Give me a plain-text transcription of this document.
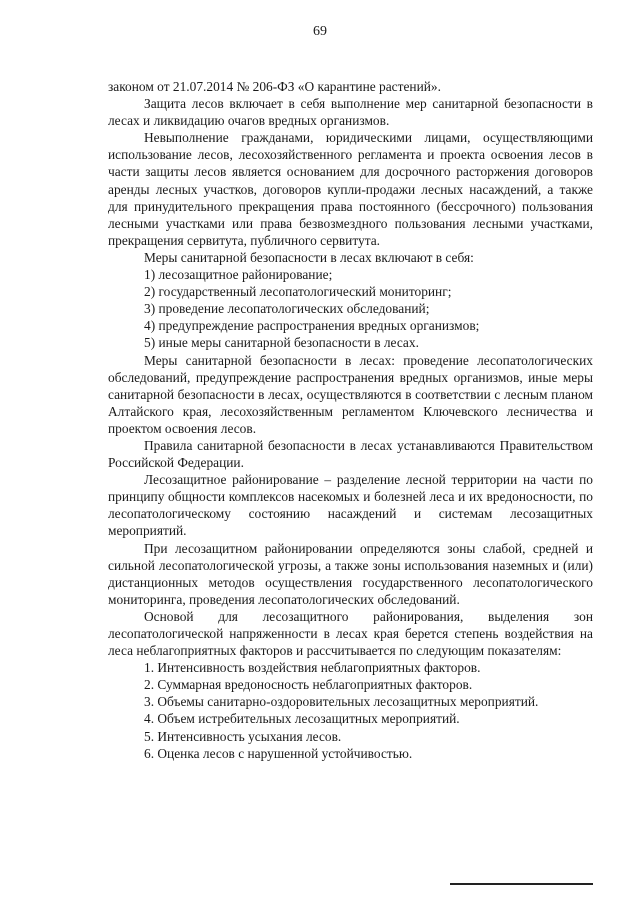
69

законом от 21.07.2014 № 206-ФЗ «О карантине растений».

Защита лесов включает в себя выполнение мер санитарной безопасности в лесах и ликвидацию очагов вредных организмов.

Невыполнение гражданами, юридическими лицами, осуществляющими использование лесов, лесохозяйственного регламента и проекта освоения лесов в части защиты лесов является основанием для досрочного расторжения договоров аренды лесных участков, договоров купли-продажи лесных насаждений, а также для принудительного прекращения права постоянного (бессрочного) пользования лесными участками или права безвозмездного пользования лесными участками, прекращения сервитута, публичного сервитута.

Меры санитарной безопасности в лесах включают в себя:

1) лесозащитное районирование;

2) государственный лесопатологический мониторинг;

3) проведение лесопатологических обследований;

4) предупреждение распространения вредных организмов;

5) иные меры санитарной безопасности в лесах.

Меры санитарной безопасности в лесах: проведение лесопатологических обследований, предупреждение распространения вредных организмов, иные меры санитарной безопасности в лесах, осуществляются в соответствии с лесным планом Алтайского края, лесохозяйственным регламентом Ключевского лесничества и проектом освоения лесов.

Правила санитарной безопасности в лесах устанавливаются Правительством Российской Федерации.

Лесозащитное районирование – разделение лесной территории на части по принципу общности комплексов насекомых и болезней леса и их вредоносности, по лесопатологическому состоянию насаждений и системам лесозащитных мероприятий.

При лесозащитном районировании определяются зоны слабой, средней и сильной лесопатологической угрозы, а также зоны использования наземных и (или) дистанционных методов осуществления государственного лесопатологического мониторинга, проведения лесопатологических обследований.

Основой для лесозащитного районирования, выделения зон лесопатологической напряженности в лесах края берется степень воздействия на леса неблагоприятных факторов и рассчитывается по следующим показателям:

1. Интенсивность воздействия неблагоприятных факторов.

2. Суммарная вредоносность неблагоприятных факторов.

3. Объемы санитарно-оздоровительных лесозащитных мероприятий.

4. Объем истребительных лесозащитных мероприятий.

5. Интенсивность усыхания лесов.

6. Оценка лесов с нарушенной устойчивостью.
